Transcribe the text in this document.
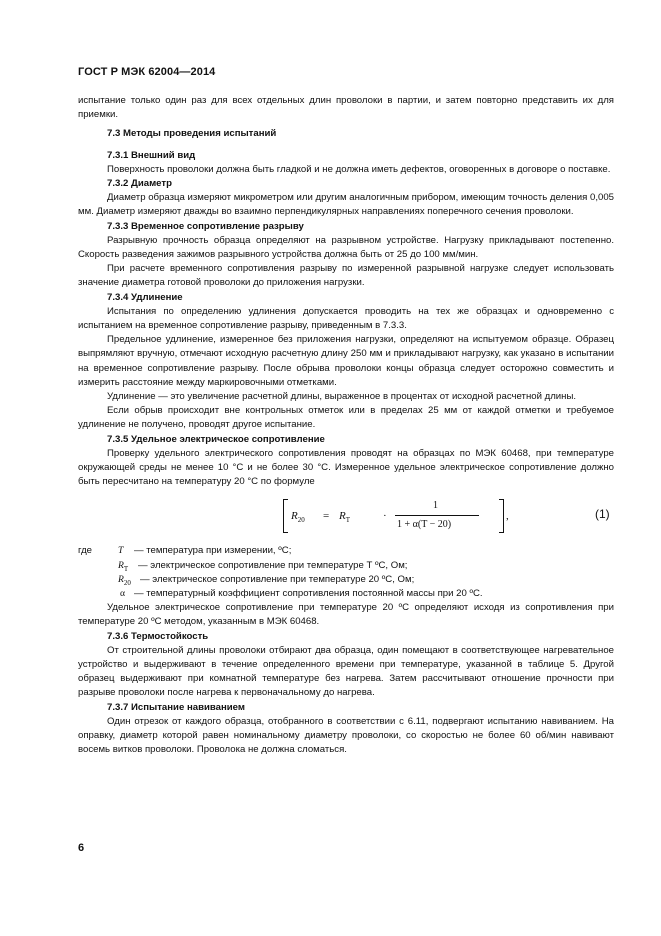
ГОСТ Р МЭК 62004—2014

испытание только один раз для всех отдельных длин проволоки в партии, и затем повторно представить их для приемки.

7.3 Методы проведения испытаний

7.3.1 Внешний вид

Поверхность проволоки должна быть гладкой и не должна иметь дефектов, оговоренных в договоре о поставке.

7.3.2 Диаметр

Диаметр образца измеряют микрометром или другим аналогичным прибором, имеющим точность деления 0,005 мм. Диаметр измеряют дважды во взаимно перпендикулярных направлениях поперечного сечения проволоки.

7.3.3 Временное сопротивление разрыву

Разрывную прочность образца определяют на разрывном устройстве. Нагрузку прикладывают постепенно. Скорость разведения зажимов разрывного устройства должна быть от 25 до 100 мм/мин.

При расчете временного сопротивления разрыву по измеренной разрывной нагрузке следует использовать значение диаметра готовой проволоки до приложения нагрузки.

7.3.4 Удлинение

Испытания по определению удлинения допускается проводить на тех же образцах и одновременно с испытанием на временное сопротивление разрыву, приведенным в 7.3.3.

Предельное удлинение, измеренное без приложения нагрузки, определяют на испытуемом образце. Образец выпрямляют вручную, отмечают исходную расчетную длину 250 мм и прикладывают нагрузку, как указано в испытании на временное сопротивление разрыву. После обрыва проволоки концы образца следует осторожно совместить и измерить расстояние между маркировочными отметками.

Удлинение — это увеличение расчетной длины, выраженное в процентах от исходной расчетной длины.

Если обрыв происходит вне контрольных отметок или в пределах 25 мм от каждой отметки и требуемое удлинение не получено, проводят другое испытание.

7.3.5 Удельное электрическое сопротивление

Проверку удельного электрического сопротивления проводят на образцах по МЭК 60468, при температуре окружающей среды не менее 10 °C и не более 30 °C. Измеренное удельное электрическое сопротивление должно быть пересчитано на температуру 20 °C по формуле

$R_{20} = R_T$	·
1
1 + α(T − 20)
,	(1)
где	T	— температура при измерении, ºC;
$R_T$	— электрическое сопротивление при температуре Т ºC, Ом;
$R_{20}$ — электрическое сопротивление при температуре 20 ºC, Ом;
α — температурный коэффициент сопротивления постоянной массы при 20 ºC.

Удельное электрическое сопротивление при температуре 20 ºC определяют исходя из сопротивления при температуре 20 ºC методом, указанным в МЭК 60468.

7.3.6 Термостойкость

От строительной длины проволоки отбирают два образца, один помещают в соответствующее нагревательное устройство и выдерживают в течение определенного времени при температуре, указанной в таблице 5. Другой образец выдерживают при комнатной температуре без нагрева. Затем рассчитывают отношение прочности при разрыве проволоки после нагрева к первоначальному до нагрева.

7.3.7 Испытание навиванием

Один отрезок от каждого образца, отобранного в соответствии с 6.11, подвергают испытанию навиванием. На оправку, диаметр которой равен номинальному диаметру проволоки, со скоростью не более 60 об/мин навивают восемь витков проволоки. Проволока не должна сломаться.

6
